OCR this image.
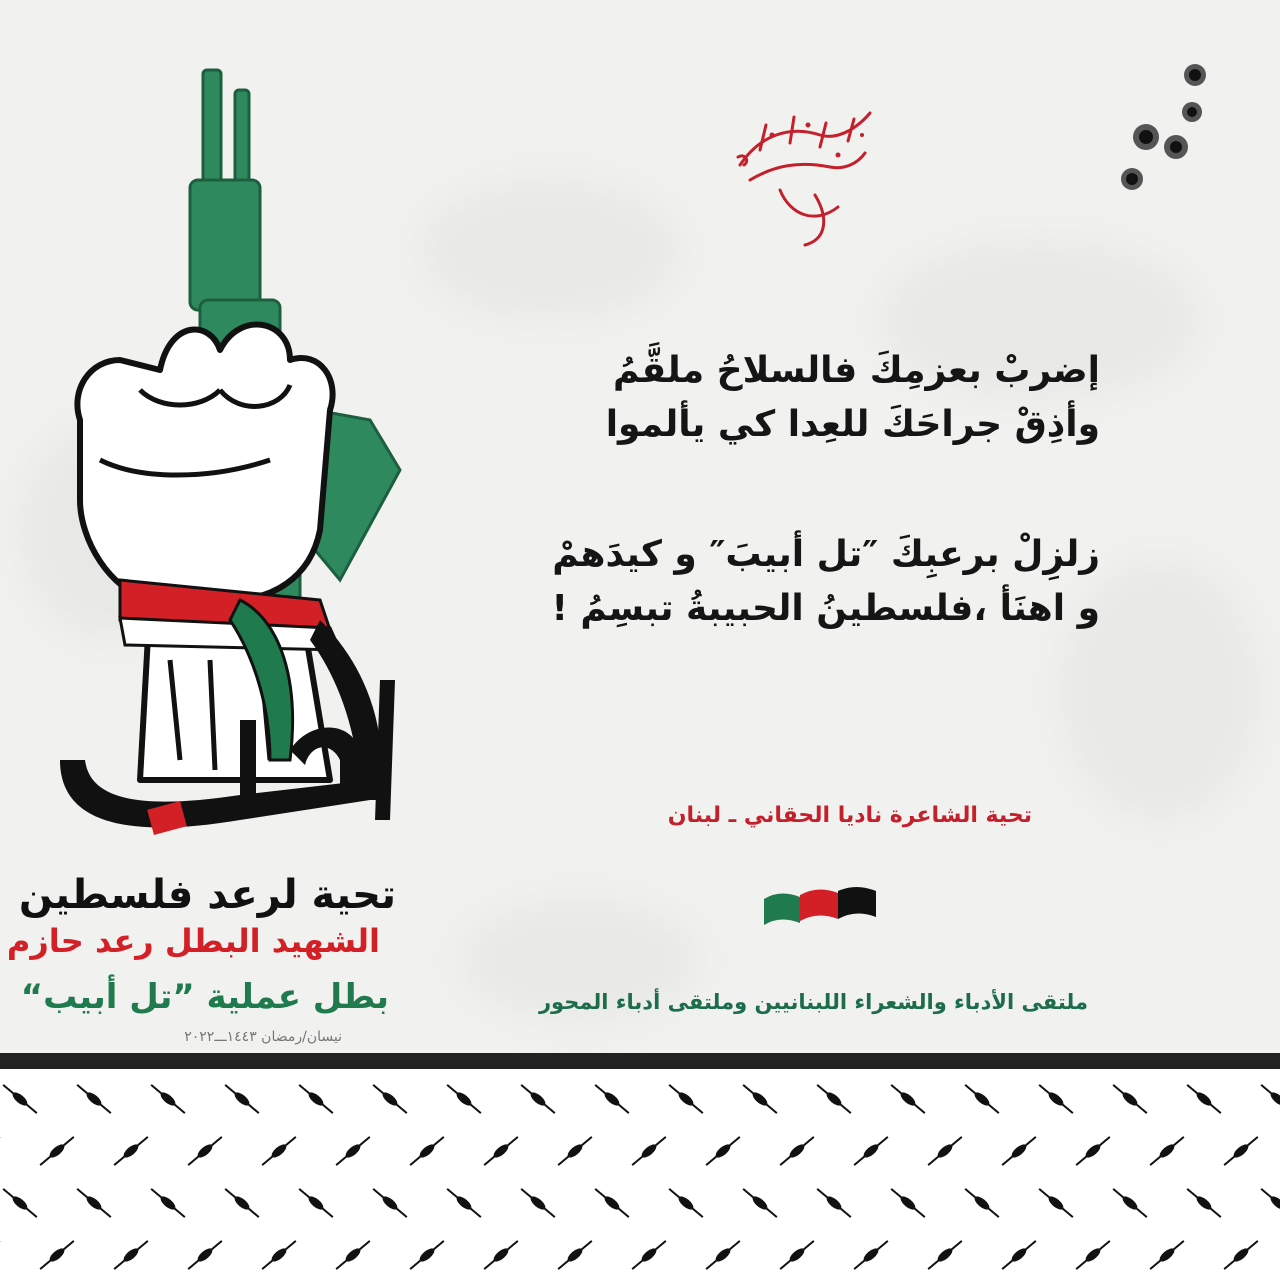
تحية لرعد فلسطين
الشهيد البطل رعد حازم
بطل عملية ”تل أبيب“
نيسان/رمضان ١٤٤٣ـــ٢٠٢٢
إضربْ بعزمِكَ فالسلاحُ ملقَّمُ
وأذِقْ جراحَكَ للعِدا كي يألموا
زلزِلْ برعبِكَ ″تل أبيبَ″ و كيدَهمْ
و اهنَأ ،فلسطينُ الحبيبةُ تبسِمُ !
تحية الشاعرة ناديا الحقاني ـ لبنان
ملتقى الأدباء والشعراء اللبنانيين وملتقى أدباء المحور
